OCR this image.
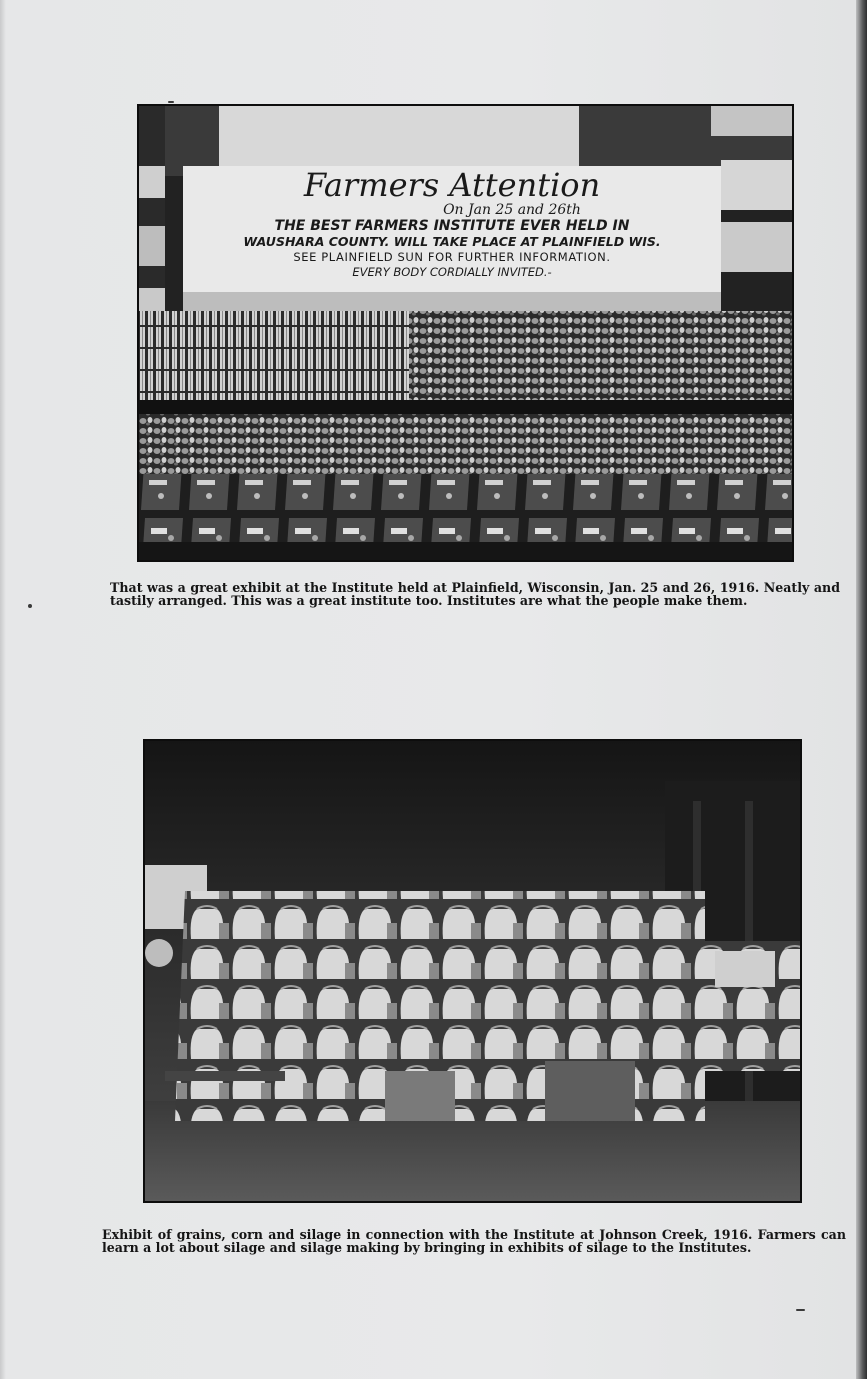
Farmers Attention
On Jan 25 and 26th
THE BEST FARMERS INSTITUTE EVER HELD IN
WAUSHARA COUNTY. WILL TAKE PLACE AT PLAINFIELD WIS.
SEE PLAINFIELD SUN FOR FURTHER INFORMATION.
EVERY BODY CORDIALLY INVITED.-
That was a great exhibit at the Institute held at Plainfield, Wisconsin, Jan. 25 and 26, 1916. Neatly and tastily arranged. This was a great institute too. Institutes are what the people make them.
Exhibit of grains, corn and silage in connection with the Institute at Johnson Creek, 1916. Farmers can learn a lot about silage and silage making by bringing in exhibits of silage to the Institutes.
